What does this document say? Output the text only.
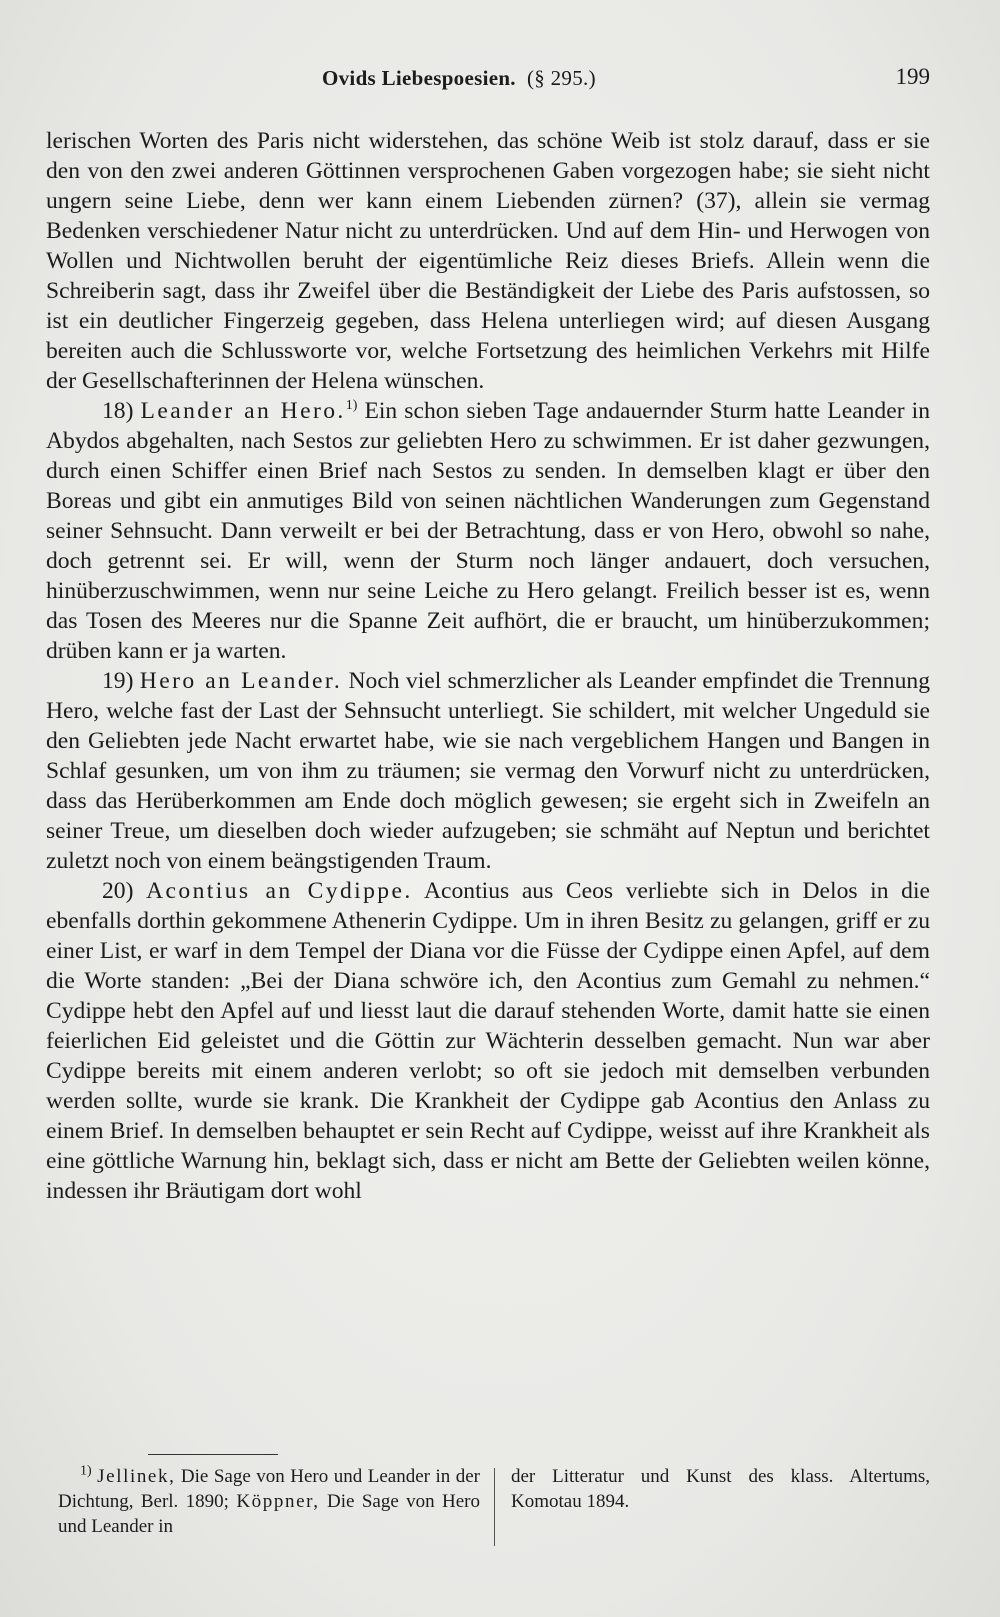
Ovids Liebespoesien. (§ 295.)	199

lerischen Worten des Paris nicht widerstehen, das schöne Weib ist stolz darauf, dass er sie den von den zwei anderen Göttinnen versprochenen Gaben vorgezogen habe; sie sieht nicht ungern seine Liebe, denn wer kann einem Liebenden zürnen? (37), allein sie vermag Bedenken verschiedener Natur nicht zu unterdrücken. Und auf dem Hin- und Herwogen von Wollen und Nichtwollen beruht der eigentümliche Reiz dieses Briefs. Allein wenn die Schreiberin sagt, dass ihr Zweifel über die Beständigkeit der Liebe des Paris aufstossen, so ist ein deutlicher Fingerzeig gegeben, dass Helena unterliegen wird; auf diesen Ausgang bereiten auch die Schlussworte vor, welche Fortsetzung des heimlichen Verkehrs mit Hilfe der Gesellschafterinnen der Helena wünschen.

18) Leander an Hero.$^{1)}$ Ein schon sieben Tage andauernder Sturm hatte Leander in Abydos abgehalten, nach Sestos zur geliebten Hero zu schwimmen. Er ist daher gezwungen, durch einen Schiffer einen Brief nach Sestos zu senden. In demselben klagt er über den Boreas und gibt ein anmutiges Bild von seinen nächtlichen Wanderungen zum Gegenstand seiner Sehnsucht. Dann verweilt er bei der Betrachtung, dass er von Hero, obwohl so nahe, doch getrennt sei. Er will, wenn der Sturm noch länger andauert, doch versuchen, hinüberzuschwimmen, wenn nur seine Leiche zu Hero gelangt. Freilich besser ist es, wenn das Tosen des Meeres nur die Spanne Zeit aufhört, die er braucht, um hinüberzukommen; drüben kann er ja warten.

19) Hero an Leander. Noch viel schmerzlicher als Leander empfindet die Trennung Hero, welche fast der Last der Sehnsucht unterliegt. Sie schildert, mit welcher Ungeduld sie den Geliebten jede Nacht erwartet habe, wie sie nach vergeblichem Hangen und Bangen in Schlaf gesunken, um von ihm zu träumen; sie vermag den Vorwurf nicht zu unterdrücken, dass das Herüberkommen am Ende doch möglich gewesen; sie ergeht sich in Zweifeln an seiner Treue, um dieselben doch wieder aufzugeben; sie schmäht auf Neptun und berichtet zuletzt noch von einem beängstigenden Traum.

20) Acontius an Cydippe. Acontius aus Ceos verliebte sich in Delos in die ebenfalls dorthin gekommene Athenerin Cydippe. Um in ihren Besitz zu gelangen, griff er zu einer List, er warf in dem Tempel der Diana vor die Füsse der Cydippe einen Apfel, auf dem die Worte standen: „Bei der Diana schwöre ich, den Acontius zum Gemahl zu nehmen.“ Cydippe hebt den Apfel auf und liesst laut die darauf stehenden Worte, damit hatte sie einen feierlichen Eid geleistet und die Göttin zur Wächterin desselben gemacht. Nun war aber Cydippe bereits mit einem anderen verlobt; so oft sie jedoch mit demselben verbunden werden sollte, wurde sie krank. Die Krankheit der Cydippe gab Acontius den Anlass zu einem Brief. In demselben behauptet er sein Recht auf Cydippe, weisst auf ihre Krankheit als eine göttliche Warnung hin, beklagt sich, dass er nicht am Bette der Geliebten weilen könne, indessen ihr Bräutigam dort wohl

$^{1)}$ Jellinek, Die Sage von Hero und Leander in der Dichtung, Berl. 1890; Köppner, Die Sage von Hero und Leander in
der Litteratur und Kunst des klass. Altertums, Komotau 1894.
